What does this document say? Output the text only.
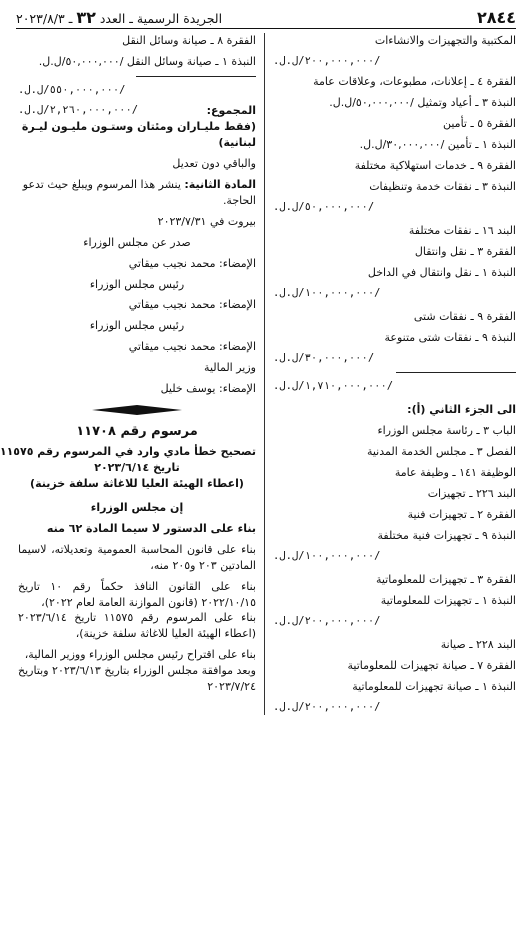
٢٨٤٤
الجريدة الرسمية ـ العدد ٣٢ ـ ٢٠٢٣/٨/٣

المكتبية والتجهيزات والانشاءات

/٢٠٠,٠٠٠,٠٠٠/ل.ل.

الفقرة ٤ ـ إعلانات، مطبوعات، وعلاقات عامة

النبذة ٣ ـ أعياد وتمثيل /٥٠,٠٠٠,٠٠٠/ل.ل.

الفقرة ٥ ـ تأمين

النبذة ١ ـ تأمين /٣٠,٠٠٠,٠٠٠/ل.ل.

الفقرة ٩ ـ خدمات استهلاكية مختلفة

النبذة ٣ ـ نفقات خدمة وتنظيفات

/٥٠,٠٠٠,٠٠٠/ل.ل.

البند ١٦ ـ نفقات مختلفة

الفقرة ٣ ـ نقل وانتقال

النبذة ١ ـ نقل وانتقال في الداخل

/١٠٠,٠٠٠,٠٠٠/ل.ل.

الفقرة ٩ ـ نفقات شتى

النبذة ٩ ـ نفقات شتى متنوعة

/٣٠,٠٠٠,٠٠٠/ل.ل.

/١,٧١٠,٠٠٠,٠٠٠/ل.ل.

الى الجزء الثاني (أ):

الباب ٣ ـ رئاسة مجلس الوزراء

الفصل ٣ ـ مجلس الخدمة المدنية

الوظيفة ١٤١ ـ وظيفة عامة

البند ٢٢٦ ـ تجهيزات

الفقرة ٢ ـ تجهيزات فنية

النبذة ٩ ـ تجهيزات فنية مختلفة

/١٠٠,٠٠٠,٠٠٠/ل.ل.

الفقرة ٣ ـ تجهيزات للمعلوماتية

النبذة ١ ـ تجهيزات للمعلوماتية

/٢٠٠,٠٠٠,٠٠٠/ل.ل.

البند ٢٢٨ ـ صيانة

الفقرة ٧ ـ صيانة تجهيزات للمعلوماتية

النبذة ١ ـ صيانة تجهيزات للمعلوماتية

/٢٠٠,٠٠٠,٠٠٠/ل.ل.

الفقرة ٨ ـ صيانة وسائل النقل

النبذة ١ ـ صيانة وسائل النقل /٥٠,٠٠٠,٠٠٠/ل.ل.

/٥٥٠,٠٠٠,٠٠٠/ل.ل.

المجموع:
/٢,٢٦٠,٠٠٠,٠٠٠/ل.ل.

(فقط مليـاران ومئتان وستـون مليـون ليـرة لبنانية)

والباقي دون تعديل

المادة الثانية: ينشر هذا المرسوم ويبلغ حيث تدعو الحاجة.

بيروت في ٢٠٢٣/٧/٣١

صدر عن مجلس الوزراء

الإمضاء: محمد نجيب ميقاتي

رئيس مجلس الوزراء

الإمضاء: محمد نجيب ميقاتي

رئيس مجلس الوزراء

الإمضاء: محمد نجيب ميقاتي

وزير المالية

الإمضاء: يوسف خليل

مرسوم رقم ١١٧٠٨

تصحيح خطأ مادي وارد في المرسوم رقم ١١٥٧٥

تاريخ ٢٠٢٣/٦/١٤

(اعطاء الهيئة العليا للاغاثة سلفة خزينة)

إن مجلس الوزراء

بناء على الدستور لا سيما المادة ٦٢ منه

بناء على قانون المحاسبة العمومية وتعديلاته، لاسيما المادتين ٢٠٣ و٢٠٥ منه،

بناء على القانون النافذ حكماً رقم ١٠ تاريخ ٢٠٢٢/١٠/١٥ (قانون الموازنة العامة لعام ٢٠٢٢)،

بناء على المرسوم رقم ١١٥٧٥ تاريخ ٢٠٢٣/٦/١٤ (اعطاء الهيئة العليا للاغاثة سلفة خزينة)،

بناء على اقتراح رئيس مجلس الوزراء ووزير المالية،

وبعد موافقة مجلس الوزراء بتاريخ ٢٠٢٣/٦/١٣ وبتاريخ ٢٠٢٣/٧/٢٤
